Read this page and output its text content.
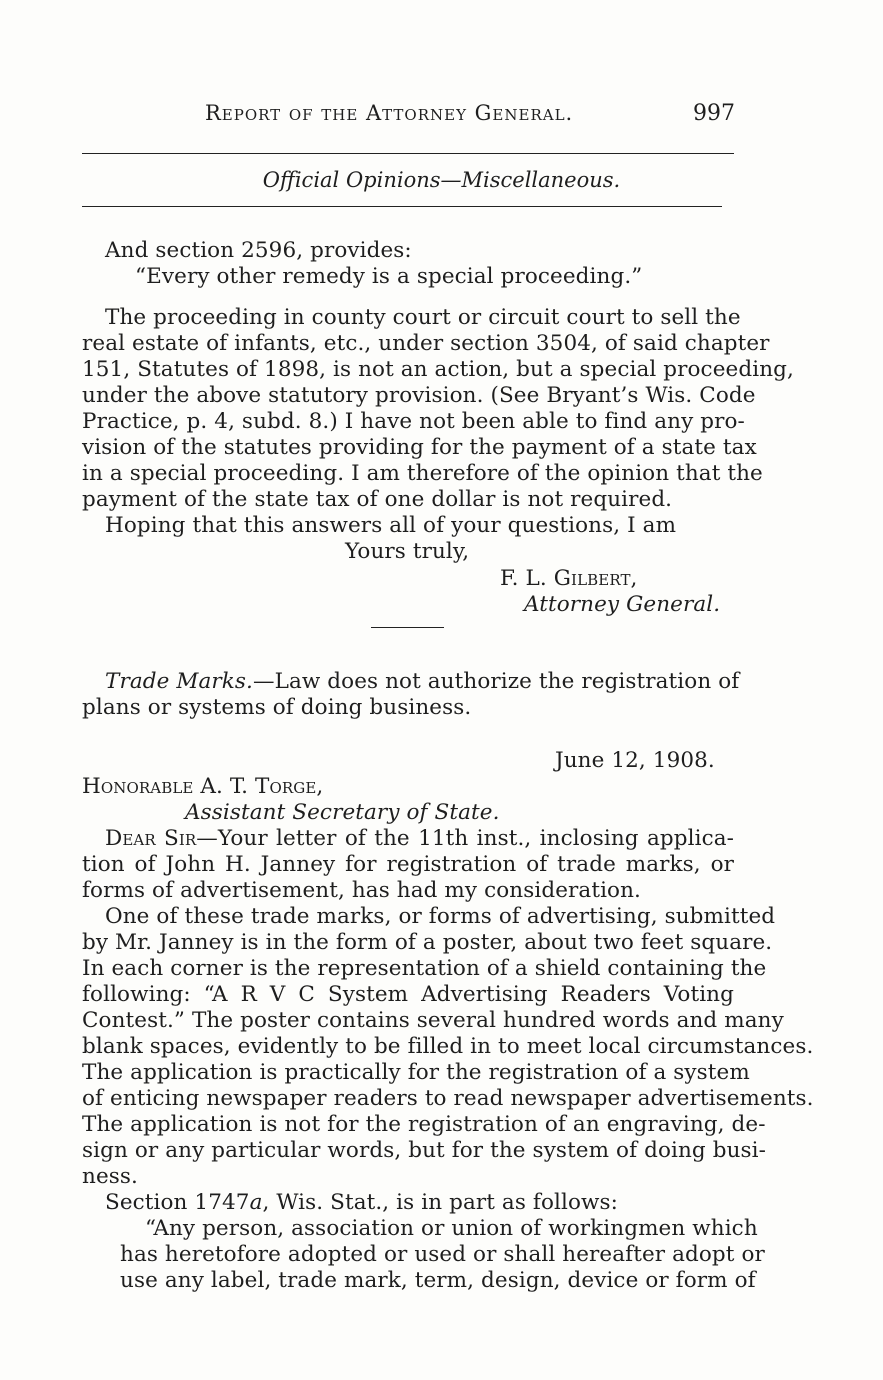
Report of the Attorney General.	997
Official Opinions—Miscellaneous.
And section 2596, provides:
“Every other remedy is a special proceeding.”
The proceeding in county court or circuit court to sell the
real estate of infants, etc., under section 3504, of said chapter
151, Statutes of 1898, is not an action, but a special proceeding,
under the above statutory provision. (See Bryant’s Wis. Code
Practice, p. 4, subd. 8.) I have not been able to find any pro-
vision of the statutes providing for the payment of a state tax
in a special proceeding. I am therefore of the opinion that the
payment of the state tax of one dollar is not required.
Hoping that this answers all of your questions, I am
Yours truly,
F. L. Gilbert,
Attorney General.
Trade Marks.—Law does not authorize the registration of
plans or systems of doing business.
June 12, 1908.
Honorable A. T. Torge,
Assistant Secretary of State.
Dear Sir—Your letter of the 11th inst., inclosing applica-
tion of John H. Janney for registration of trade marks, or
forms of advertisement, has had my consideration.
One of these trade marks, or forms of advertising, submitted
by Mr. Janney is in the form of a poster, about two feet square.
In each corner is the representation of a shield containing the
following: “A R V C System Advertising Readers Voting
Contest.” The poster contains several hundred words and many
blank spaces, evidently to be filled in to meet local circumstances.
The application is practically for the registration of a system
of enticing newspaper readers to read newspaper advertisements.
The application is not for the registration of an engraving, de-
sign or any particular words, but for the system of doing busi-
ness.
Section 1747a, Wis. Stat., is in part as follows:
“Any person, association or union of workingmen which
has heretofore adopted or used or shall hereafter adopt or
use any label, trade mark, term, design, device or form of
